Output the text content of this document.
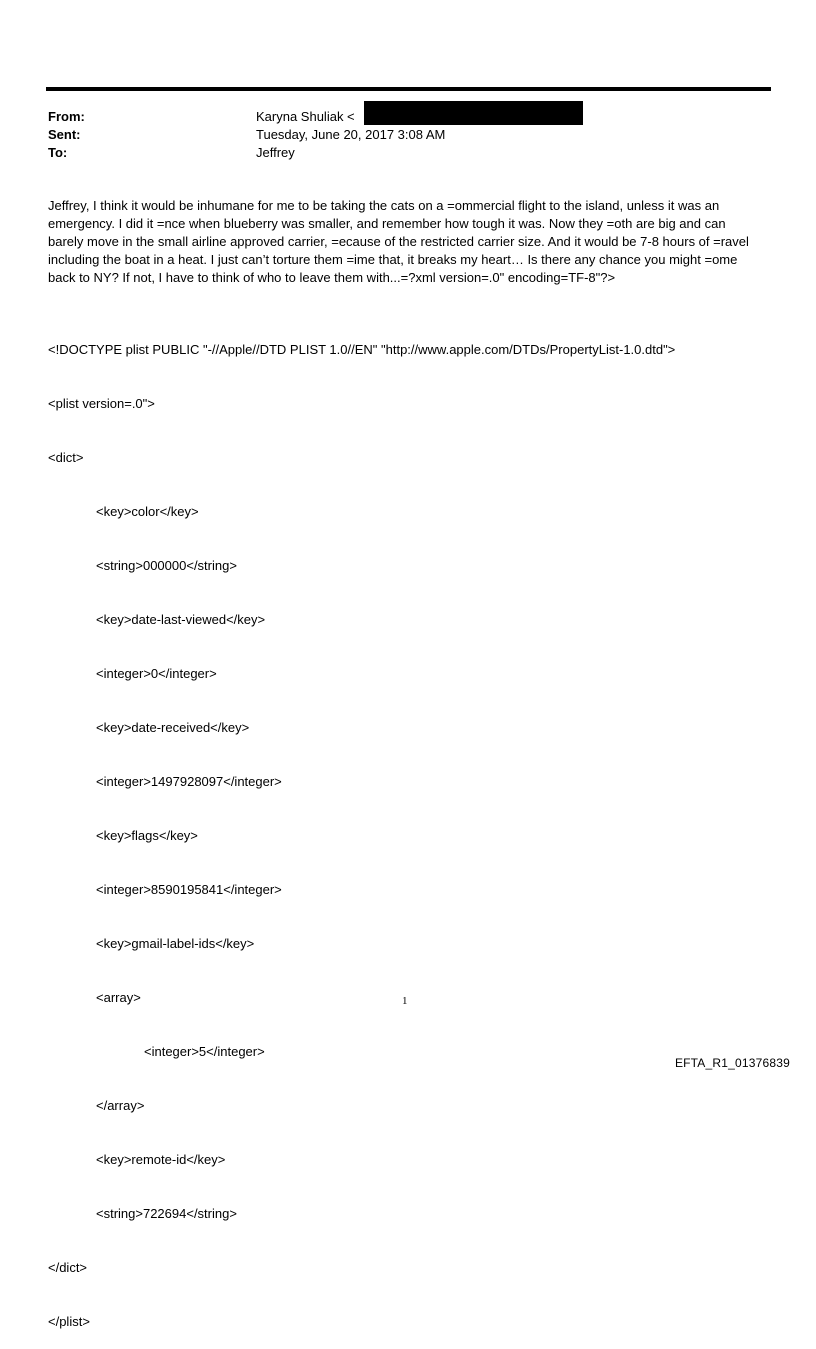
From:	Karyna Shuliak <
Sent:	Tuesday, June 20, 2017 3:08 AM
To:	Jeffrey

Jeffrey, I think it would be inhumane for me to be taking the cats on a =ommercial flight to the island, unless it was an emergency. I did it =nce when blueberry was smaller, and remember how tough it was. Now they =oth are big and can barely move in the small airline approved carrier, =ecause of the restricted carrier size. And it would be 7-8 hours of =ravel including the boat in a heat. I just can’t torture them =ime that, it breaks my heart… Is there any chance you might =ome back to NY? If not, I have to think of who to leave them with...=?xml version=.0" encoding=TF-8"?>

<!DOCTYPE plist PUBLIC "-//Apple//DTD PLIST 1.0//EN" "http://www.apple.com/DTDs/PropertyList-1.0.dtd">

<plist version=.0">

<dict>

<key>color</key>

<string>000000</string>

<key>date-last-viewed</key>

<integer>0</integer>

<key>date-received</key>

<integer>1497928097</integer>

<key>flags</key>

<integer>8590195841</integer>

<key>gmail-label-ids</key>

<array>

<integer>5</integer>

</array>

<key>remote-id</key>

<string>722694</string>

</dict>

</plist>

1
EFTA_R1_01376839
